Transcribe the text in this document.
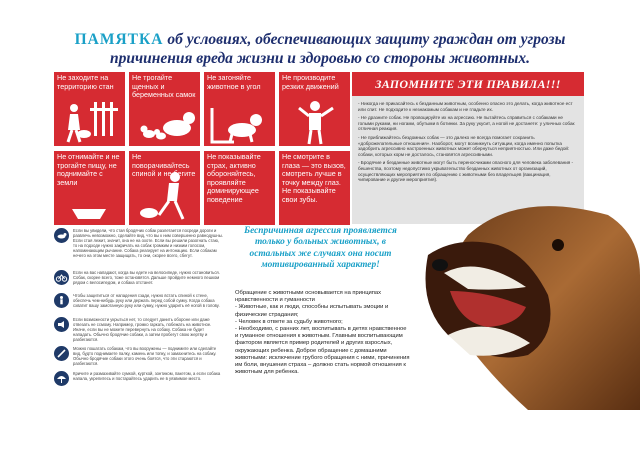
ПАМЯТКА об условиях, обеспечивающих защиту граждан от угрозы
причинения вреда жизни и здоровью со стороны животных.
Не заходите на территорию стан
Не трогайте щенных и беременных самок
Не загоняйте животное в угол
Не производите резких движений
Не отнимайте и не трогайте пищу, не поднимайте с земли
Не поворачивайтесь спиной и не бегите
Не показывайте страх, активно обороняйтесь, проявляйте доминирующее поведение
Не смотрите в глаза — это вызов, смотреть лучше в точку между глаз. Не показывайте свои зубы.
ЗАПОМНИТЕ ЭТИ ПРАВИЛА!!!

- Никогда не прикасайтесь к безданным животным, особенно опасно это делать, когда животное ест или спит. Не подходите к незнакомым собакам и не гладьте их.

- Не дразните собак. Не провоцируйте их на агрессию. Не пытайтесь справиться с собаками не голыми руками, ни ногами, обутыми в ботинки. За руку укусит, а ногой не достанете: у уличных собак отличная реакция.

- Не приближайтесь бездомных собак — это далеко не всегда помогает сохранить «доброжелательные отношения». Наоборот, могут возникнуть ситуации, когда именно попытка задобрить агрессивно настроенных животных может обернуться неприятностью. Или даже бедой: собаки, которых корм не досталось, становятся агрессивными.

- Бродячие и безданные животные могут быть переносчиками опасного для человека заболевания - бешенства, поэтому недопустимо укрывательство безданных животных от организаций, осуществляющих мероприятия по обращению с животными без владельцев (вакцинация, чипирование и другие мероприятия).

Если вы увидели, что стая бродячих собак разлетается посреди дороги и развлечь невозможно, сделайте вид, что вы к ним совершенно равнодушны. Если стая лежит, значит, она не на охоте. Если вы решили разогнать стаю, то на подходе нужно закричать на собак громким и низким голосом, напоминающим рычание. Собака реагирует на интонацию. Если собакам нечего на этом месте защищать, то они, скорее всего, сбегут.
Если на вас нападают, когда вы едете на велосипеде, нужно остановиться. Собак, скорее всего, тоже остановятся. Дальше пройдите немного пешком рядом с велосипедом, и собака отстанет.
Чтобы защититься от нападения сзади, нужно встать спиной к стене, обеспечь чем-нибудь руку или держать перед собой сумку. Когда собака схватит вашу замотанную руку или сумку, нужно ударить её ногой в голову.
Если возможности укрыться нет, то следует данить обороне или даже отвезать не ссмому. Например, громко гаркать, побежать на животное. Иначе, если вы не можете перевернуть на собаку. Собака не будет нападать. Обычно бродячие собаки, а затем пробегут свою жертву и разбегаются.
Можно пошатать собакам, что вы вооружены — поднимите или сделайте вид, будто поднимаете палку, камень или топку, и замахнитесь на собаку. Обычно бродячие собаки этого очень боятся, что эти стараются и разбегаются.
Кричите и размахивайте сумкой, курткой, зонтиком, пакетом, а если собака напала, укрепитесь и постарайтесь ударить ее в уязвимое место.
Беспричинная агрессия проявляется только у больных животных, в остальных же случаях она носит мотивированный характер!

Обращение с животными основывается на принципах нравственности и гуманности

- Животные, как и люди, способны испытывать эмоции и физические страдания;

- Человек в ответе за судьбу животного;

- Необходимо, с ранних лет, воспитывать в детях нравственное и гуманное отношения к животным. Главным воспитывающим фактором является пример родителей и других взрослых, окружающих ребенка. Доброе обращение с домашними животными: исключение грубого обращения с ними, причинения им боли, внушения страха – должно стать нормой отношения к животным для ребенка.
